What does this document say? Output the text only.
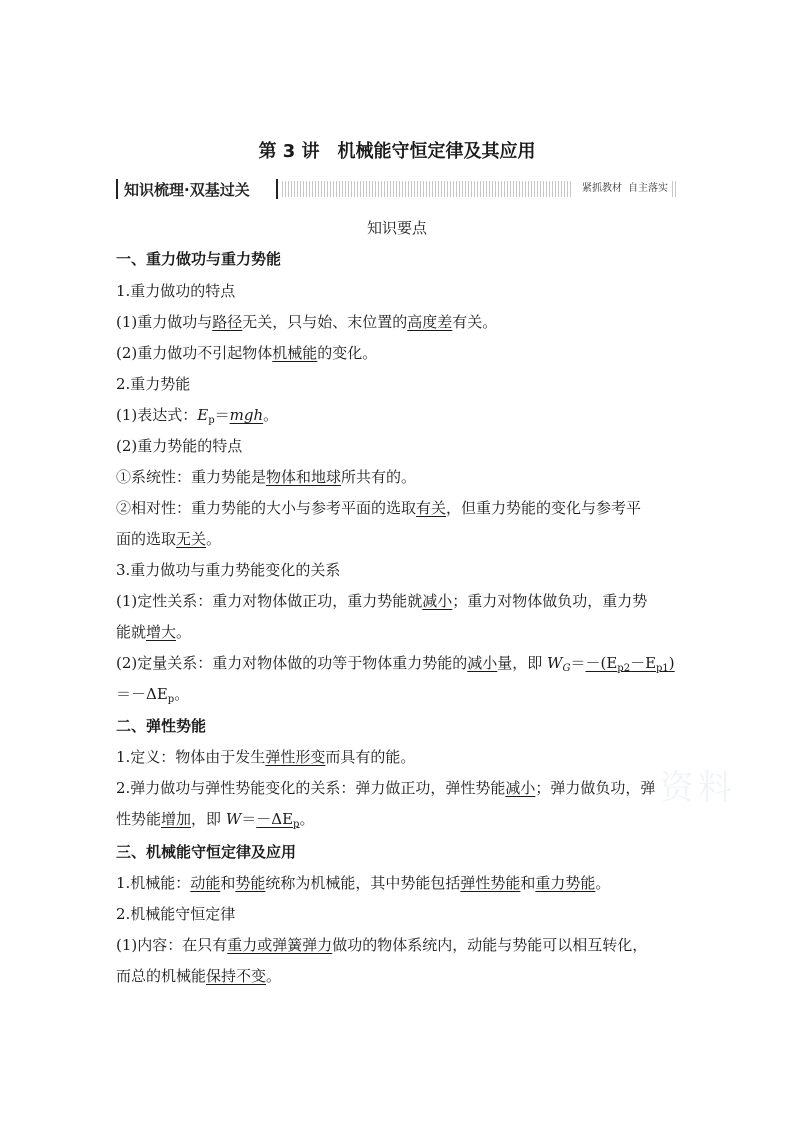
第 3 讲　机械能守恒定律及其应用
知识梳理·双基过关	紧抓教材 自主落实
知识要点
一、重力做功与重力势能
1.重力做功的特点
(1)重力做功与路径无关，只与始、末位置的高度差有关。
(2)重力做功不引起物体机械能的变化。
2.重力势能
(1)表达式：$E_p=mgh$。
(2)重力势能的特点
①系统性：重力势能是物体和地球所共有的。
②相对性：重力势能的大小与参考平面的选取有关，但重力势能的变化与参考平
面的选取无关。
3.重力做功与重力势能变化的关系
(1)定性关系：重力对物体做正功，重力势能就减小；重力对物体做负功，重力势
能就增大。
(2)定量关系：重力对物体做的功等于物体重力势能的减小量，即 $W_G=-(E_{p2}-E_{p1})$
$=-\Delta E_p$。
二、弹性势能
1.定义：物体由于发生弹性形变而具有的能。
2.弹力做功与弹性势能变化的关系：弹力做正功，弹性势能减小；弹力做负功，弹
性势能增加，即 $W=-\Delta E_p$。
三、机械能守恒定律及应用
1.机械能：动能和势能统称为机械能，其中势能包括弹性势能和重力势能。
2.机械能守恒定律
(1)内容：在只有重力或弹簧弹力做功的物体系统内，动能与势能可以相互转化，
而总的机械能保持不变。
资料
